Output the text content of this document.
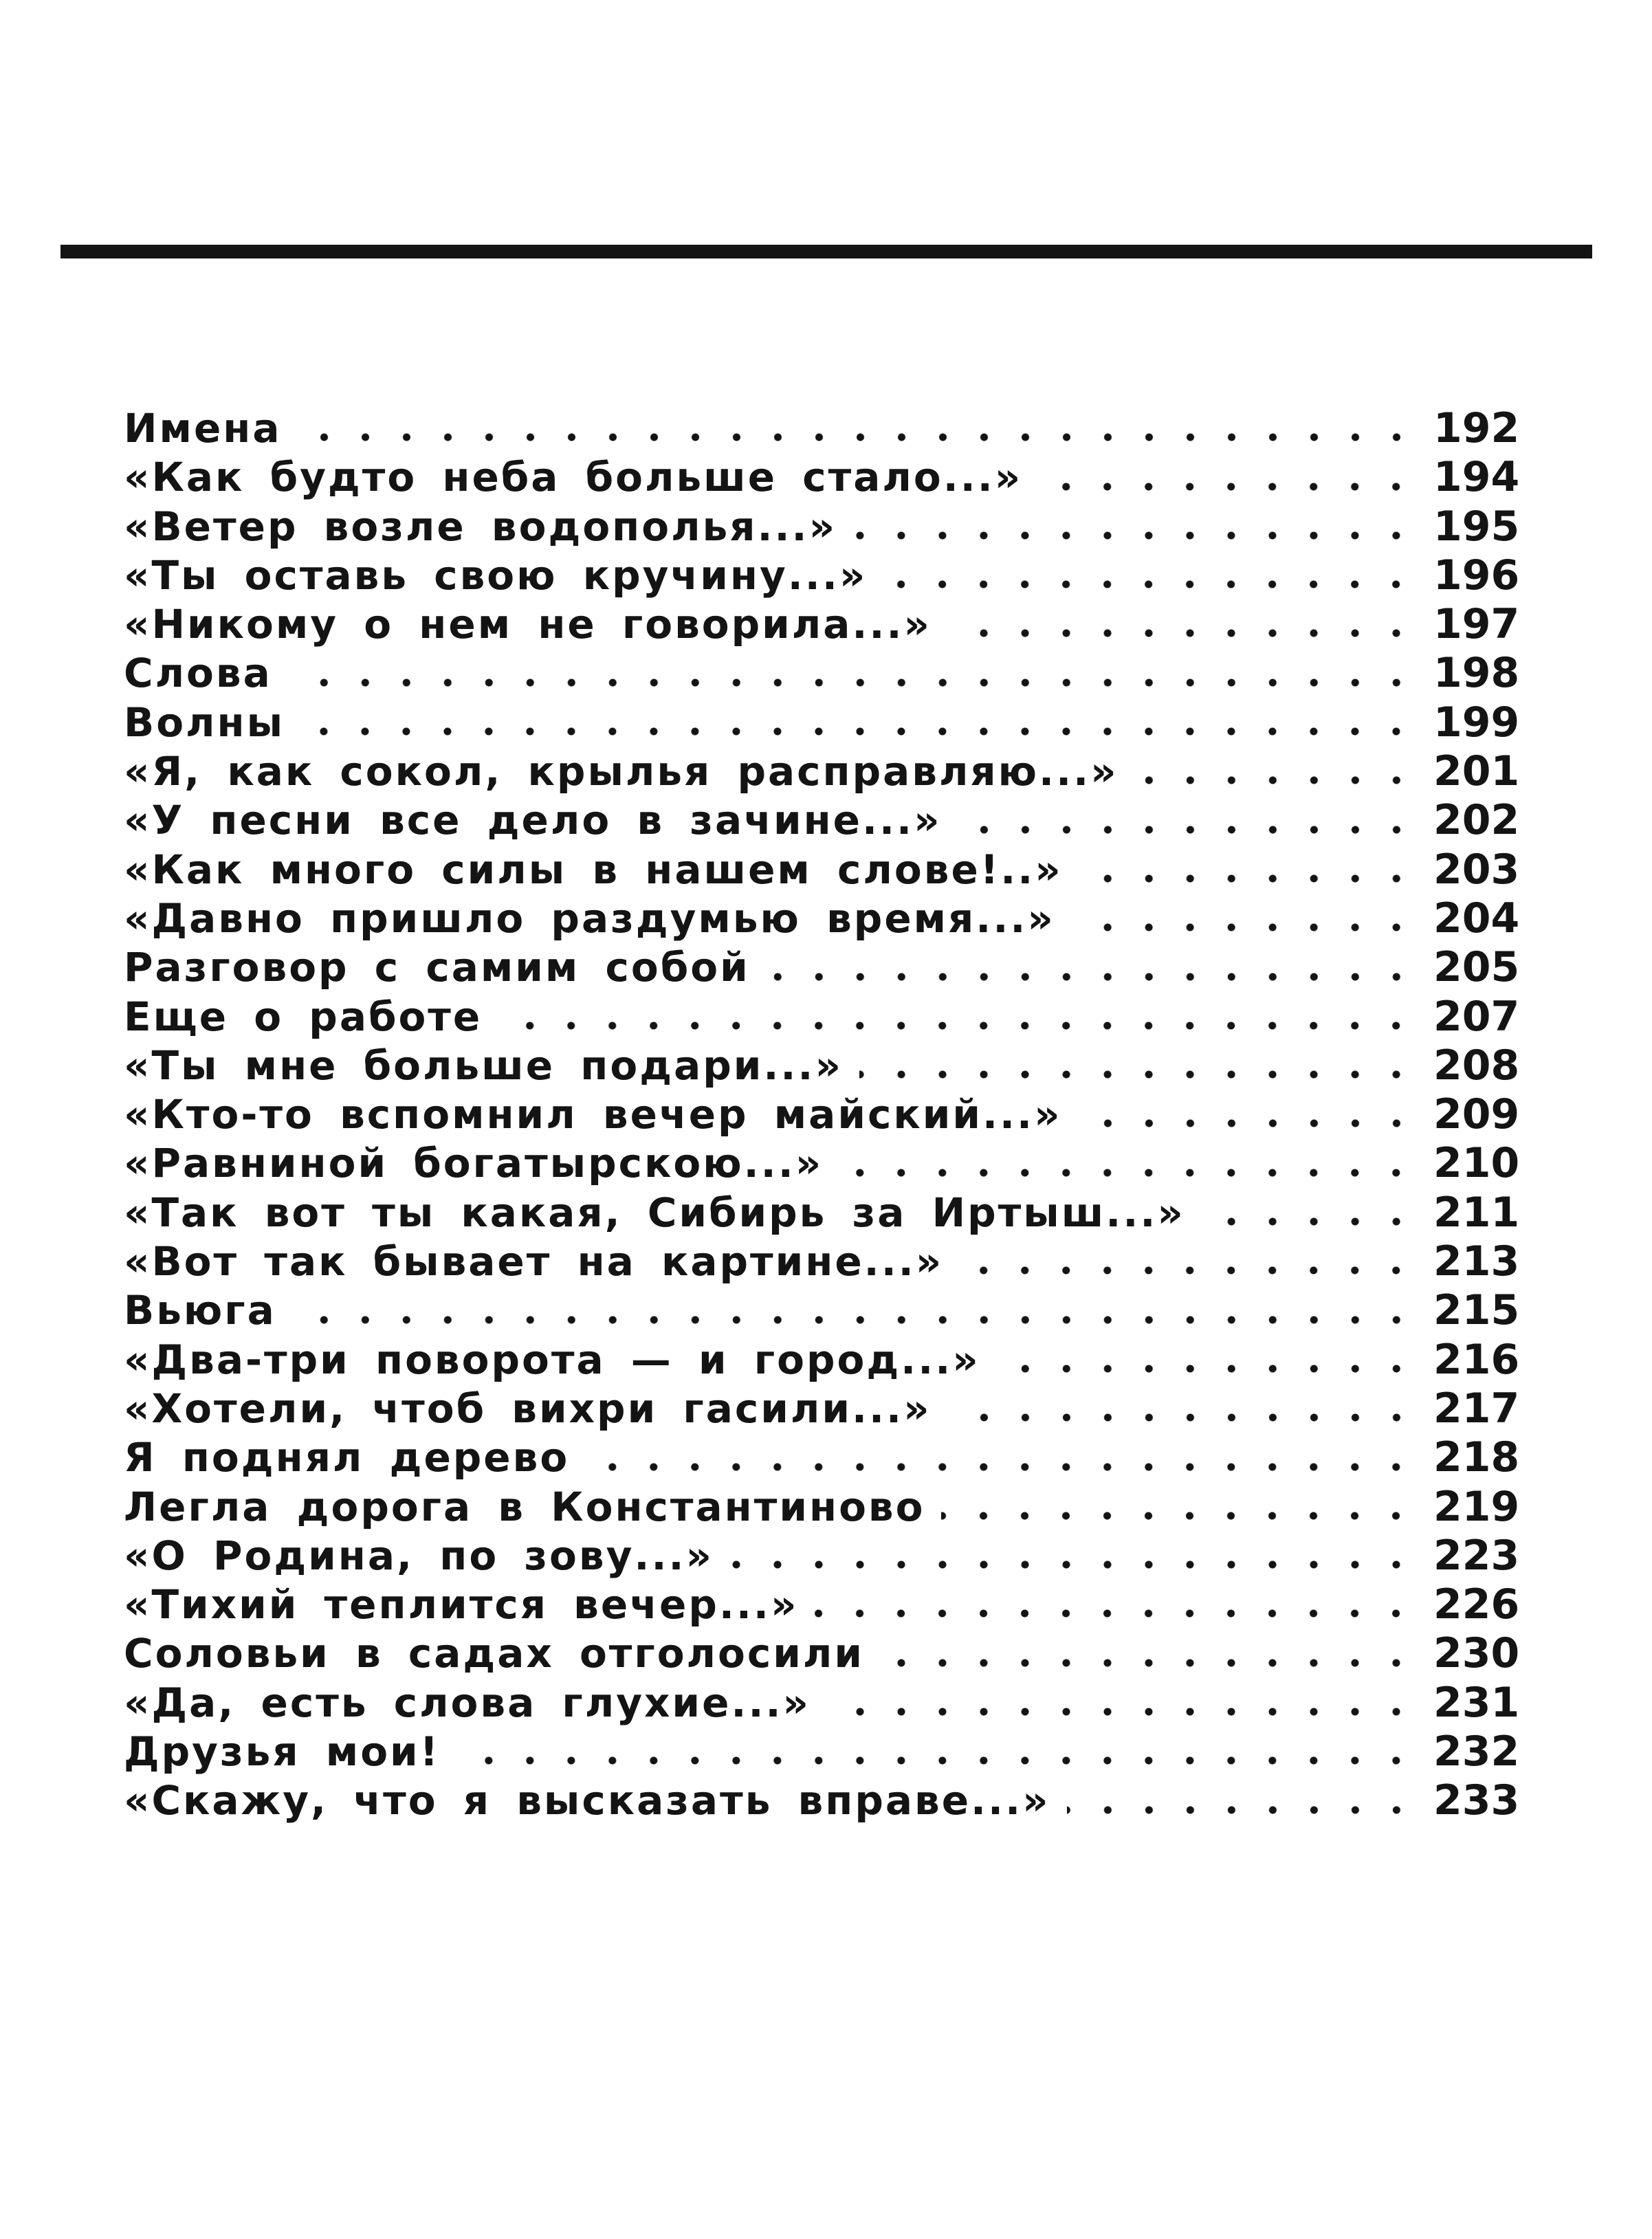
Имена	192
«Как будто неба больше стало...»	194
«Ветер возле водополья...»	195
«Ты оставь свою кручину...»	196
«Никому о нем не говорила...»	197
Слова	198
Волны	199
«Я, как сокол, крылья расправляю...»	201
«У песни все дело в зачине...»	202
«Как много силы в нашем слове!..»	203
«Давно пришло раздумью время...»	204
Разговор с самим собой	205
Еще о работе	207
«Ты мне больше подари...»	208
«Кто-то вспомнил вечер майский...»	209
«Равниной богатырскою...»	210
«Так вот ты какая, Сибирь за Иртыш...»	211
«Вот так бывает на картине...»	213
Вьюга	215
«Два-три поворота — и город...»	216
«Хотели, чтоб вихри гасили...»	217
Я поднял дерево	218
Легла дорога в Константиново	219
«О Родина, по зову...»	223
«Тихий теплится вечер...»	226
Соловьи в садах отголосили	230
«Да, есть слова глухие...»	231
Друзья мои!	232
«Скажу, что я высказать вправе...»	233
